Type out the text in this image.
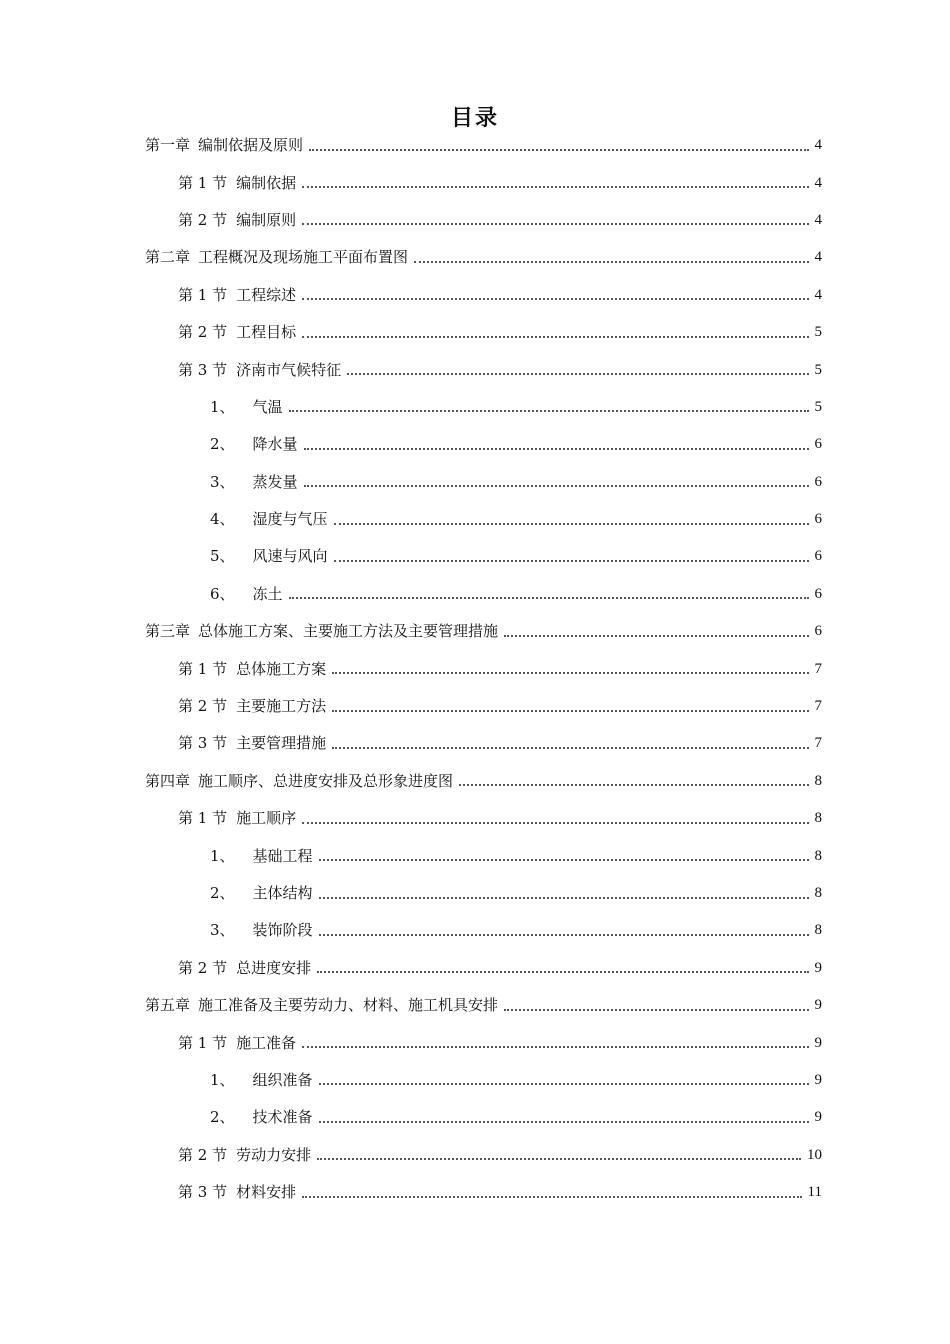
目录
第一章 编制依据及原则	4
第 1 节 编制依据	4
第 2 节 编制原则	4
第二章 工程概况及现场施工平面布置图	4
第 1 节 工程综述	4
第 2 节 工程目标	5
第 3 节 济南市气候特征	5
1、 气温	5
2、 降水量	6
3、 蒸发量	6
4、 湿度与气压	6
5、 风速与风向	6
6、 冻土	6
第三章 总体施工方案、主要施工方法及主要管理措施	6
第 1 节 总体施工方案	7
第 2 节 主要施工方法	7
第 3 节 主要管理措施	7
第四章 施工顺序、总进度安排及总形象进度图	8
第 1 节 施工顺序	8
1、 基础工程	8
2、 主体结构	8
3、 装饰阶段	8
第 2 节 总进度安排	9
第五章 施工准备及主要劳动力、材料、施工机具安排	9
第 1 节 施工准备	9
1、 组织准备	9
2、 技术准备	9
第 2 节 劳动力安排	10
第 3 节 材料安排	11
